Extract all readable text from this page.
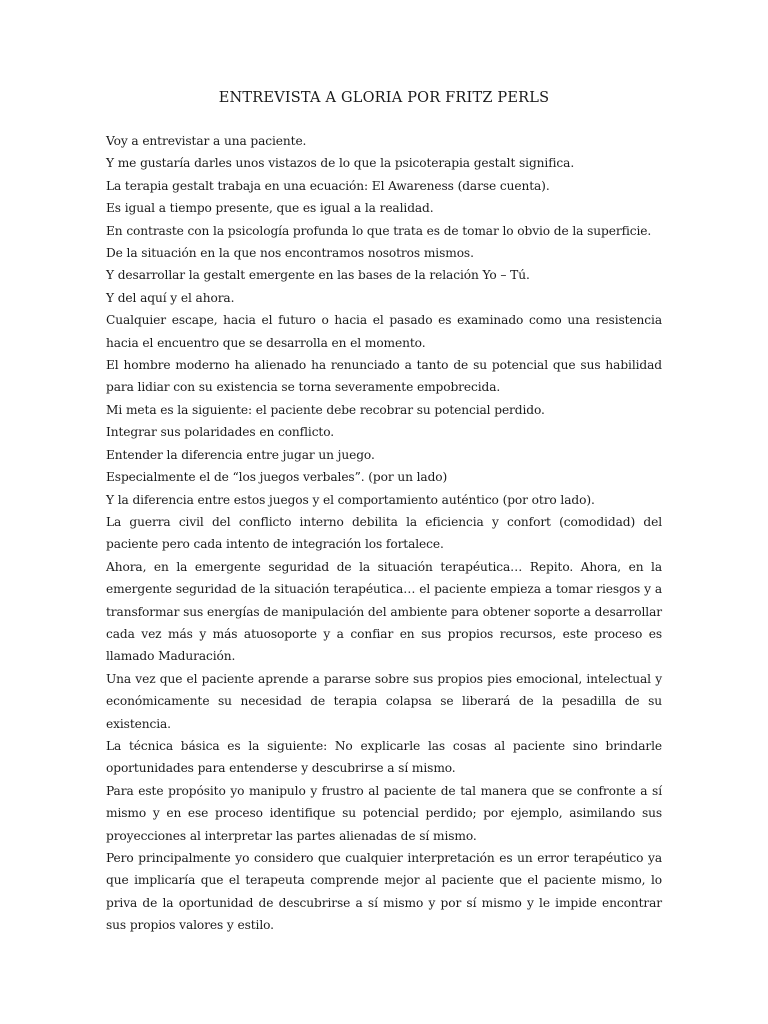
ENTREVISTA A GLORIA POR FRITZ PERLS

Voy a entrevistar a una paciente.

Y me gustaría darles unos vistazos de lo que la psicoterapia gestalt significa.

La terapia gestalt trabaja en una ecuación: El Awareness (darse cuenta).

Es igual a tiempo presente, que es igual a la realidad.

En contraste con la psicología profunda lo que trata es de tomar lo obvio de la superficie.

De la situación en la que nos encontramos nosotros mismos.

Y desarrollar la gestalt emergente en las bases de la relación Yo – Tú.

Y del aquí y el ahora.

Cualquier escape, hacia el futuro o hacia el pasado es examinado como una resistencia hacia el encuentro que se desarrolla en el momento.

El hombre moderno ha alienado ha renunciado a tanto de su potencial que sus habilidad para lidiar con su existencia se torna severamente empobrecida.

Mi meta es la siguiente: el paciente debe recobrar su potencial perdido.

Integrar sus polaridades en conflicto.

Entender la diferencia entre jugar un juego.

Especialmente el de “los juegos verbales”. (por un lado)

Y la diferencia entre estos juegos y el comportamiento auténtico (por otro lado).

La guerra civil del conflicto interno debilita la eficiencia y confort (comodidad) del paciente pero cada intento de integración los fortalece.

Ahora, en la emergente seguridad de la situación terapéutica… Repito. Ahora, en la emergente seguridad de la situación terapéutica… el paciente empieza a tomar riesgos y a transformar sus energías de manipulación del ambiente para obtener soporte a desarrollar cada vez más y más atuosoporte y a confiar en sus propios recursos, este proceso es llamado Maduración.

Una vez que el paciente aprende a pararse sobre sus propios pies emocional, intelectual y económicamente su necesidad de terapia colapsa se liberará de la pesadilla de su existencia.

La técnica básica es la siguiente: No explicarle las cosas al paciente sino brindarle oportunidades para entenderse y descubrirse a sí mismo.

Para este propósito yo manipulo y frustro al paciente de tal manera que se confronte a sí mismo y en ese proceso identifique su potencial perdido; por ejemplo, asimilando sus proyecciones al interpretar las partes alienadas de sí mismo.

Pero principalmente yo considero que cualquier interpretación es un error terapéutico ya que implicaría que el terapeuta comprende mejor al paciente que el paciente mismo, lo priva de la oportunidad de descubrirse a sí mismo y por sí mismo y le impide encontrar sus propios valores y estilo.
